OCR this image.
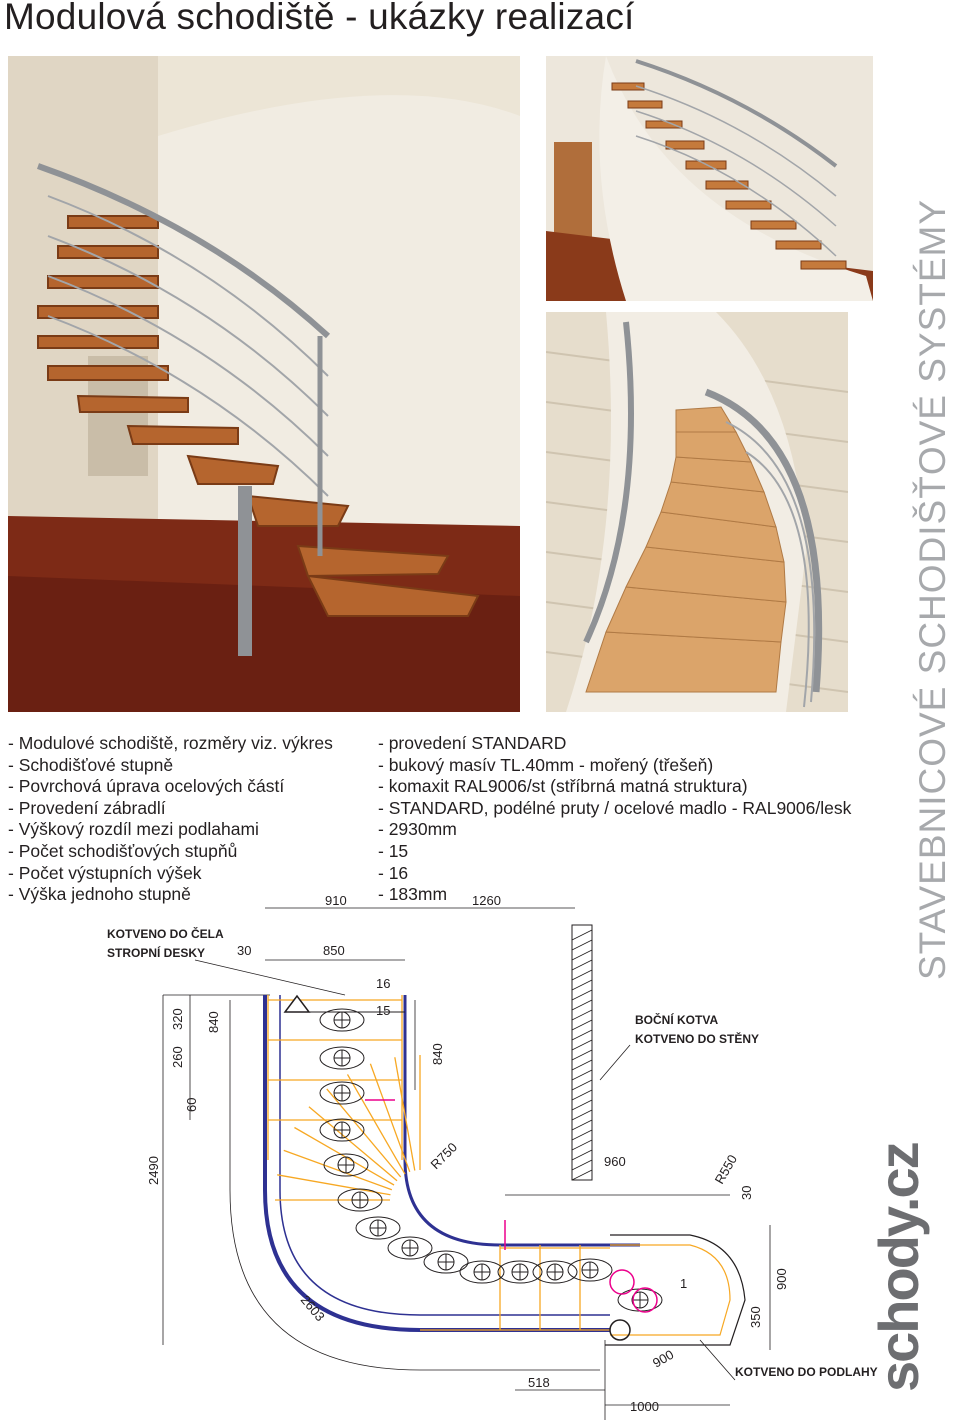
Modulová schodiště - ukázky realizací
STAVEBNICOVÉ SCHODIŠŤOVÉ SYSTÉMY
schody.cz
- Modulové schodiště, rozměry viz. výkres	- provedení STANDARD
- Schodišťové stupně	- bukový masív TL.40mm - mořený (třešeň)
- Povrchová úprava ocelových částí	- komaxit RAL9006/st (stříbrná matná struktura)
- Provedení zábradlí	- STANDARD, podélné pruty / ocelové madlo - RAL9006/lesk
- Výškový rozdíl mezi podlahami	- 2930mm
- Počet schodišťových stupňů	- 15
- Počet výstupních výšek	- 16
- Výška jednoho stupně	- 183mm
KOTVENO DO ČELA
STROPNÍ DESKY
BOČNÍ KOTVA
KOTVENO DO STĚNY
KOTVENO DO PODLAHY
910	1260
30	850
16
15
320 840
260
60
840
2490	R750	960	R550
30
900
1
350
2603
900
518
1000
